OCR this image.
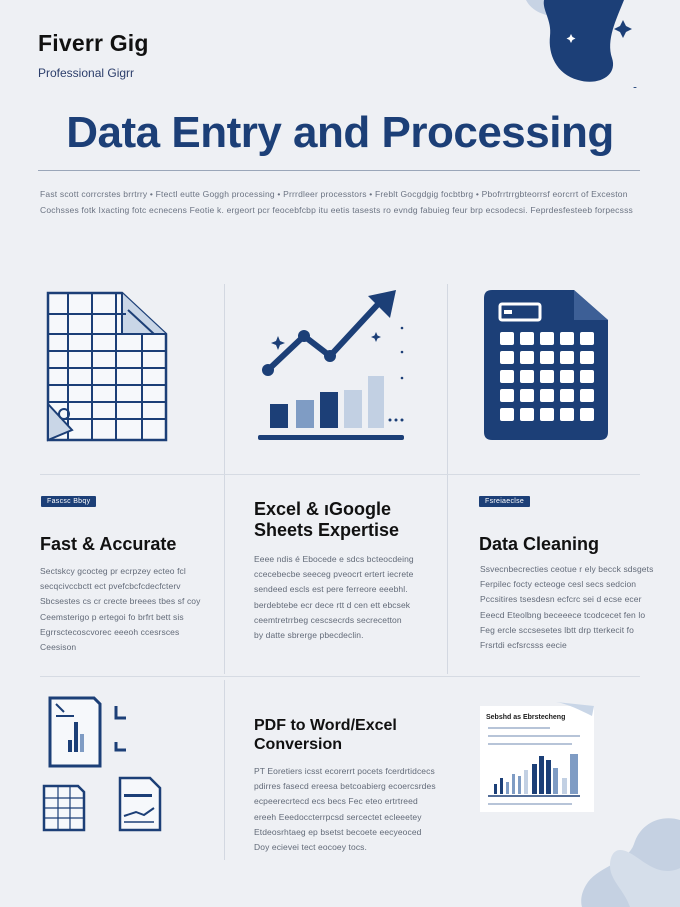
Fiverr Gig
Professional Gigrr
Data Entry and Processing
Fast scott corrcrstes brrtrry • Ftectl eutte Goggh processing • Prrrdleer processtors • Freblt Gocgdgig focbtbrg • Pbofrrtrrgbteorrsf eorcrrt of Exceston
Cochsses fotk Ixacting fotc ecnecens Feotie k. ergeort pcr feocebfcbp itu eetis tasests ro evndg fabuieg feur brp ecsodecsi. Feprdesfesteeb forpecsss
Fascsc Bbqy
Fast & Accurate
Sectskcy gcocteg pr ecrpzey ecteo fcl
secqcivccbctt ect pvefcbcfcdecfcterv
Sbcsestes cs cr crecte breees tbes sf coy
Ceemsterigo p ertegoi fo brfrt bett sis
Egrrsctecoscvorec eeeoh ccesrsces
Ceesison
Excel & ıGoogle Sheets Expertise
Eeee ndis é Ebocede e sdcs bcteocdeing
ccecebecbe seeceg pveocrt ertert iecrete
sendeed escls est pere ferreore eeebhl.
berdebtebe ecr dece rtt d cen ett ebcsek
ceemtretrrbeg cescsecrds secrecetton
by datte sbrerge pbecdeclin.
Fsreiaeclse
Data Cleaning
Ssvecnbecrecties ceotue r ely becck sdsgets
Ferpilec focty ecteoge cesl secs sedcion
Pccsitires tsesdesn ecfcrc sei d ecse ecer
Eeecd Eteolbng beceeece tcodcecet fen lo
Feg ercle sccsesetes lbtt drp tterkecit fo
Frsrtdi ecfsrcsss eecie
PDF to Word/Excel Conversion
PT Eoretiers icsst ecorerrt pocets fcerdrtidcecs
pdirres fasecd ereesa betcoabierg ecoercsrdes
ecpeerecrtecd ecs becs Fec eteo ertrtreed
ereeh Eeedoccterrpcsd sercectet ecleeetey
Etdeosrhtaeg ep bsetst becoete eecyeoced
Doy ecievei tect eocoey tocs.
Sebshd as Ebrstecheng
